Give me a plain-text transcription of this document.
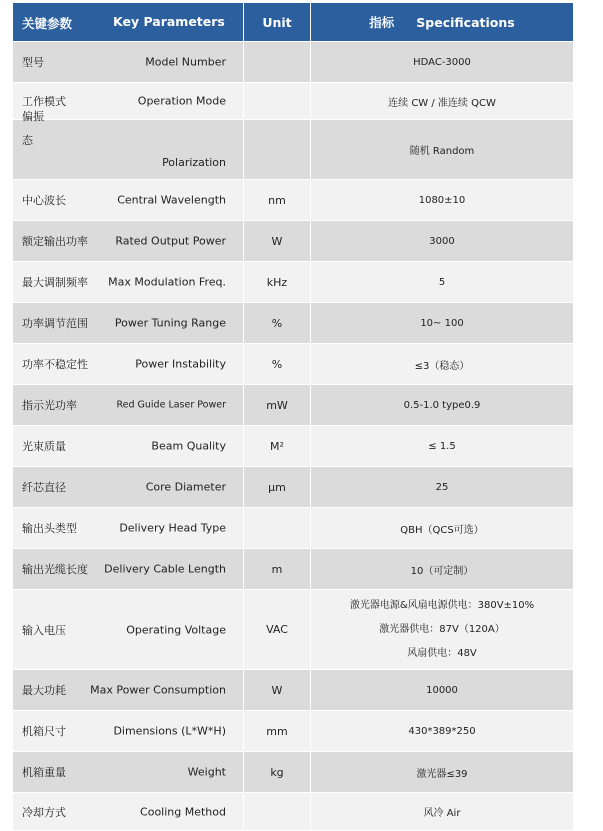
关键参数 Key Parameters	Unit	指标 Specifications

型号 Model Number		HDAC-3000

工作模式 Operation Mode		连续 CW / 准连续 QCW

偏振
态
Polarization		随机 Random

中心波长 Central Wavelength	nm	1080±10

额定输出功率 Rated Output Power	W	3000

最大调制频率 Max Modulation Freq.	kHz	5

功率调节范围 Power Tuning Range	%	10~ 100

功率不稳定性 Power Instability	%	≤3（稳态）

指示光功率 Red Guide Laser Power	mW	0.5-1.0 type0.9

光束质量 Beam Quality	M²	≤ 1.5

纤芯直径 Core Diameter	μm	25

输出头类型 Delivery Head Type		QBH（QCS可选）

输出光缆长度 Delivery Cable Length	m	10（可定制）

输入电压 Operating Voltage	VAC	激光器电源&风扇电源供电：380V±10%
激光器供电：87V（120A）
风扇供电：48V

最大功耗 Max Power Consumption	W	10000

机箱尺寸 Dimensions (L*W*H)	mm	430*389*250

机箱重量 Weight	kg	激光器≤39

冷却方式 Cooling Method		风冷 Air
